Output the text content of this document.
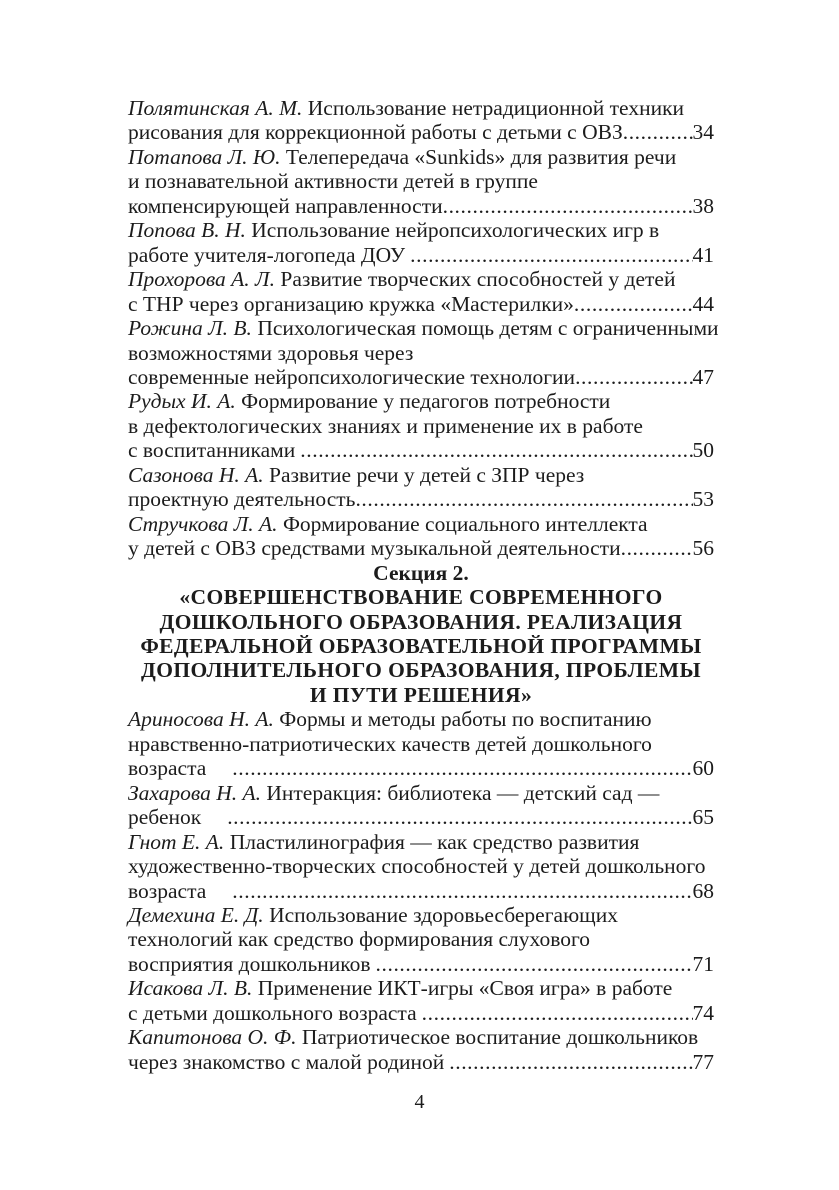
Полятинская А. М. Использование нетрадиционной техники
рисования для коррекционной работы с детьми с ОВЗ .....	34
Потапова Л. Ю. Телепередача «Sunkids» для развития речи
и познавательной активности детей в группе
компенсирующей направленности .....	38
Попова В. Н. Использование нейропсихологических игр в
работе учителя-логопеда ДОУ .....	41
Прохорова А. Л. Развитие творческих способностей у детей
с ТНР через организацию кружка «Мастерилки» .....	44
Рожина Л. В. Психологическая помощь детям с ограниченными
возможностями здоровья через
современные нейропсихологические технологии .....	47
Рудых И. А. Формирование у педагогов потребности
в дефектологических знаниях и применение их в работе
с воспитанниками .....	50
Сазонова Н. А. Развитие речи у детей с ЗПР через
проектную деятельность .....	53
Стручкова Л. А. Формирование социального интеллекта
у детей с ОВЗ средствами музыкальной деятельности .....	56
Секция 2.
«СОВЕРШЕНСТВОВАНИЕ СОВРЕМЕННОГО
ДОШКОЛЬНОГО ОБРАЗОВАНИЯ. РЕАЛИЗАЦИЯ
ФЕДЕРАЛЬНОЙ ОБРАЗОВАТЕЛЬНОЙ ПРОГРАММЫ
ДОПОЛНИТЕЛЬНОГО ОБРАЗОВАНИЯ, ПРОБЛЕМЫ
И ПУТИ РЕШЕНИЯ»
Ариносова Н. А. Формы и методы работы по воспитанию
нравственно-патриотических качеств детей дошкольного
возраста .....	60
Захарова Н. А. Интеракция: библиотека — детский сад —
ребенок .....	65
Гнот Е. А. Пластилинография — как средство развития
художественно-творческих способностей у детей дошкольного
возраста .....	68
Демехина Е. Д. Использование здоровьесберегающих
технологий как средство формирования слухового
восприятия дошкольников .....	71
Исакова Л. В. Применение ИКТ-игры «Своя игра» в работе
с детьми дошкольного возраста .....	74
Капитонова О. Ф. Патриотическое воспитание дошкольников
через знакомство с малой родиной .....	77
4
